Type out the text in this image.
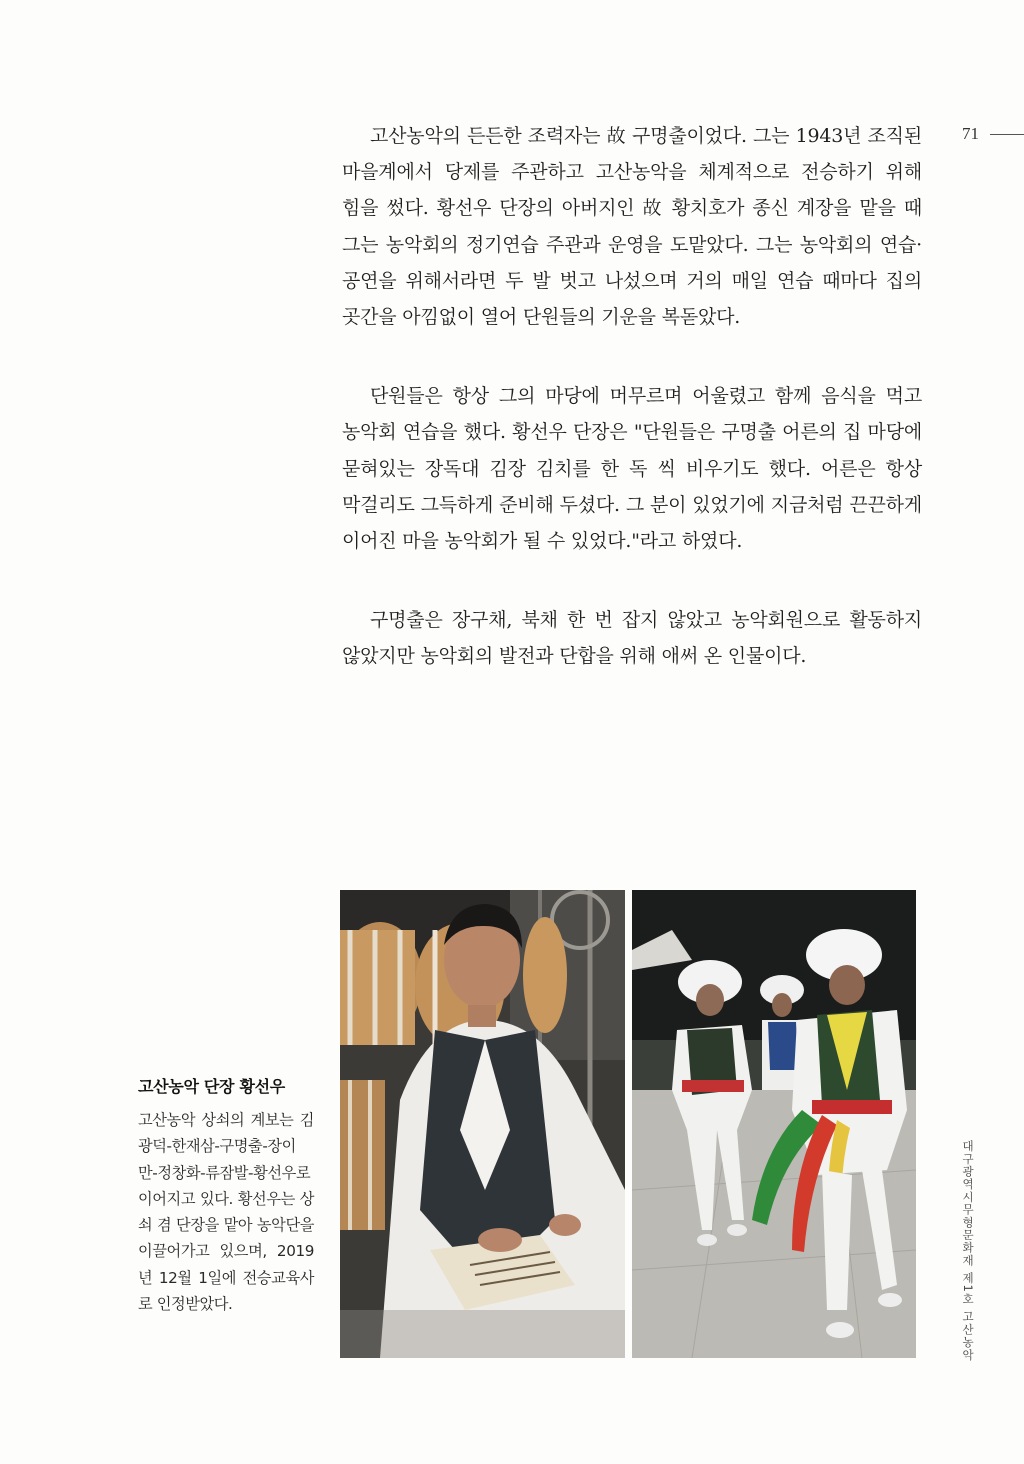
71

고산농악의 든든한 조력자는 故 구명출이었다. 그는 1943년 조직된 마을계에서 당제를 주관하고 고산농악을 체계적으로 전승하기 위해 힘을 썼다. 황선우 단장의 아버지인 故 황치호가 종신 계장을 맡을 때 그는 농악회의 정기연습 주관과 운영을 도맡았다. 그는 농악회의 연습·공연을 위해서라면 두 발 벗고 나섰으며 거의 매일 연습 때마다 집의 곳간을 아낌없이 열어 단원들의 기운을 복돋았다.

단원들은 항상 그의 마당에 머무르며 어울렸고 함께 음식을 먹고 농악회 연습을 했다. 황선우 단장은 "단원들은 구명출 어른의 집 마당에 묻혀있는 장독대 김장 김치를 한 독 씩 비우기도 했다. 어른은 항상 막걸리도 그득하게 준비해 두셨다. 그 분이 있었기에 지금처럼 끈끈하게 이어진 마을 농악회가 될 수 있었다."라고 하였다.

구명출은 장구채, 북채 한 번 잡지 않았고 농악회원으로 활동하지 않았지만 농악회의 발전과 단합을 위해 애써 온 인물이다.

고산농악 단장 황선우

고산농악 상쇠의 계보는 김광덕-한재삼-구명출-장이만-정창화-류잠발-황선우로 이어지고 있다. 황선우는 상쇠 겸 단장을 맡아 농악단을 이끌어가고 있으며, 2019년 12월 1일에 전승교육사로 인정받았다.	대구광역시무형문화재 제1호 고산농악
